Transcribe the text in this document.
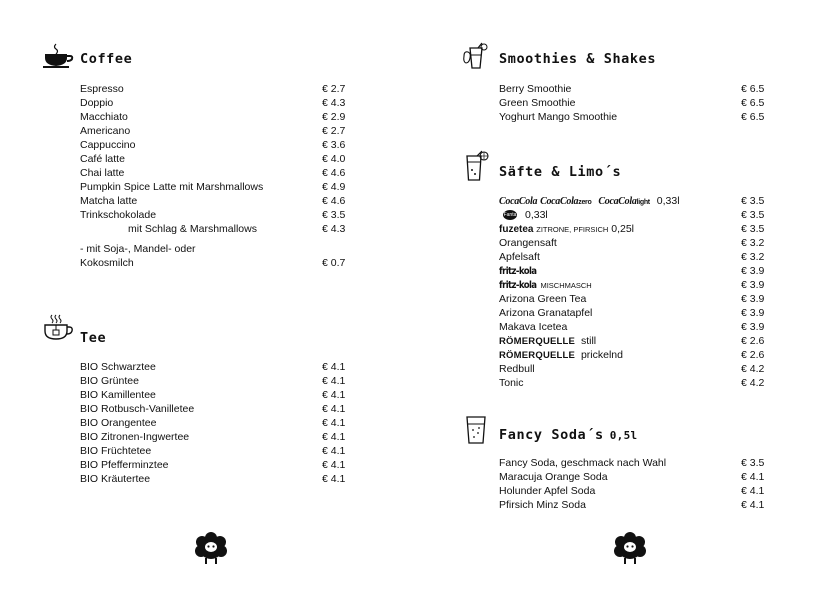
Coffee
Espresso	€ 2.7
Doppio	€ 4.3
Macchiato	€ 2.9
Americano	€ 2.7
Cappuccino	€ 3.6
Café latte	€ 4.0
Chai latte	€ 4.6
Pumpkin Spice Latte mit Marshmallows	€ 4.9
Matcha latte	€ 4.6
Trinkschokolade	€ 3.5
mit Schlag & Marshmallows	€ 4.3
- mit Soja-, Mandel- oder
Kokosmilch	€ 0.7
Tee
BIO Schwarztee	€ 4.1
BIO Grüntee	€ 4.1
BIO Kamillentee	€ 4.1
BIO Rotbusch-Vanilletee	€ 4.1
BIO Orangentee	€ 4.1
BIO Zitronen-Ingwertee	€ 4.1
BIO Früchtetee	€ 4.1
BIO Pfefferminztee	€ 4.1
BIO Kräutertee	€ 4.1
Smoothies & Shakes
Berry Smoothie	€ 6.5
Green Smoothie	€ 6.5
Yoghurt Mango Smoothie	€ 6.5
Säfte & Limo´s
CocaCola CocaColazero CocaColalight 0,33l	€ 3.5
Fanta 0,33l	€ 3.5
fuzetea ZITRONE, PFIRSICH 0,25l	€ 3.5
Orangensaft	€ 3.2
Apfelsaft	€ 3.2
fritz-kola	€ 3.9
fritz-kola MISCHMASCH	€ 3.9
Arizona Green Tea	€ 3.9
Arizona Granatapfel	€ 3.9
Makava Icetea	€ 3.9
RÖMERQUELLE still	€ 2.6
RÖMERQUELLE prickelnd	€ 2.6
Redbull	€ 4.2
Tonic	€ 4.2
Fancy Soda´s 0,5l
Fancy Soda, geschmack nach Wahl	€ 3.5
Maracuja Orange Soda	€ 4.1
Holunder Apfel Soda	€ 4.1
Pfirsich Minz Soda	€ 4.1
